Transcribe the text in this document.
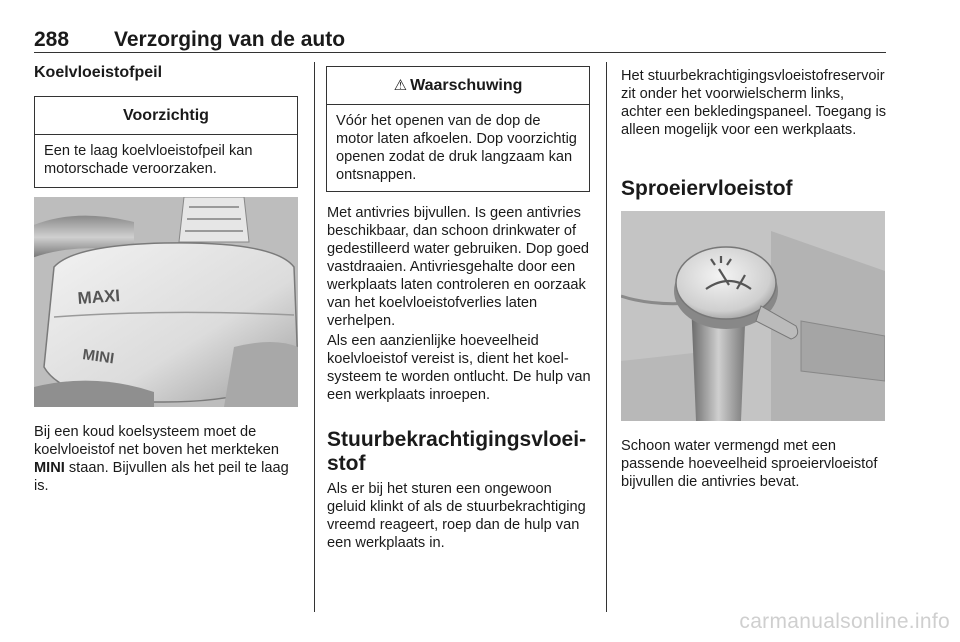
288 Verzorging van de auto
Koelvloeistofpeil
Voorzichtig
Een te laag koelvloeistofpeil kan motorschade veroorzaken.
MAXI
MINI
Bij een koud koelsysteem moet de koelvloeistof net boven het merkteken MINI staan. Bijvullen als het peil te laag is.
⚠ Waarschuwing
Vóór het openen van de dop de motor laten afkoelen. Dop voorzichtig openen zodat de druk langzaam kan ontsnappen.
Met antivries bijvullen. Is geen antivries beschikbaar, dan schoon drinkwater of gedestilleerd water gebruiken. Dop goed vastdraaien. Antivriesgehalte door een werkplaats laten controleren en oorzaak van het koelvloeistofverlies laten verhelpen.
Als een aanzienlijke hoeveelheid koelvloeistof vereist is, dient het koelsysteem te worden ontlucht. De hulp van een werkplaats inroepen.
Stuurbekrachtigingsvloeistof
Als er bij het sturen een ongewoon geluid klinkt of als de stuurbekrachtiging vreemd reageert, roep dan de hulp van een werkplaats in.
Het stuurbekrachtigingsvloeistofreservoir zit onder het voorwielscherm links, achter een bekledingspaneel. Toegang is alleen mogelijk voor een werkplaats.
Sproeiervloeistof
Schoon water vermengd met een passende hoeveelheid sproeiervloeistof bijvullen die antivries bevat.
carmanualsonline.info
